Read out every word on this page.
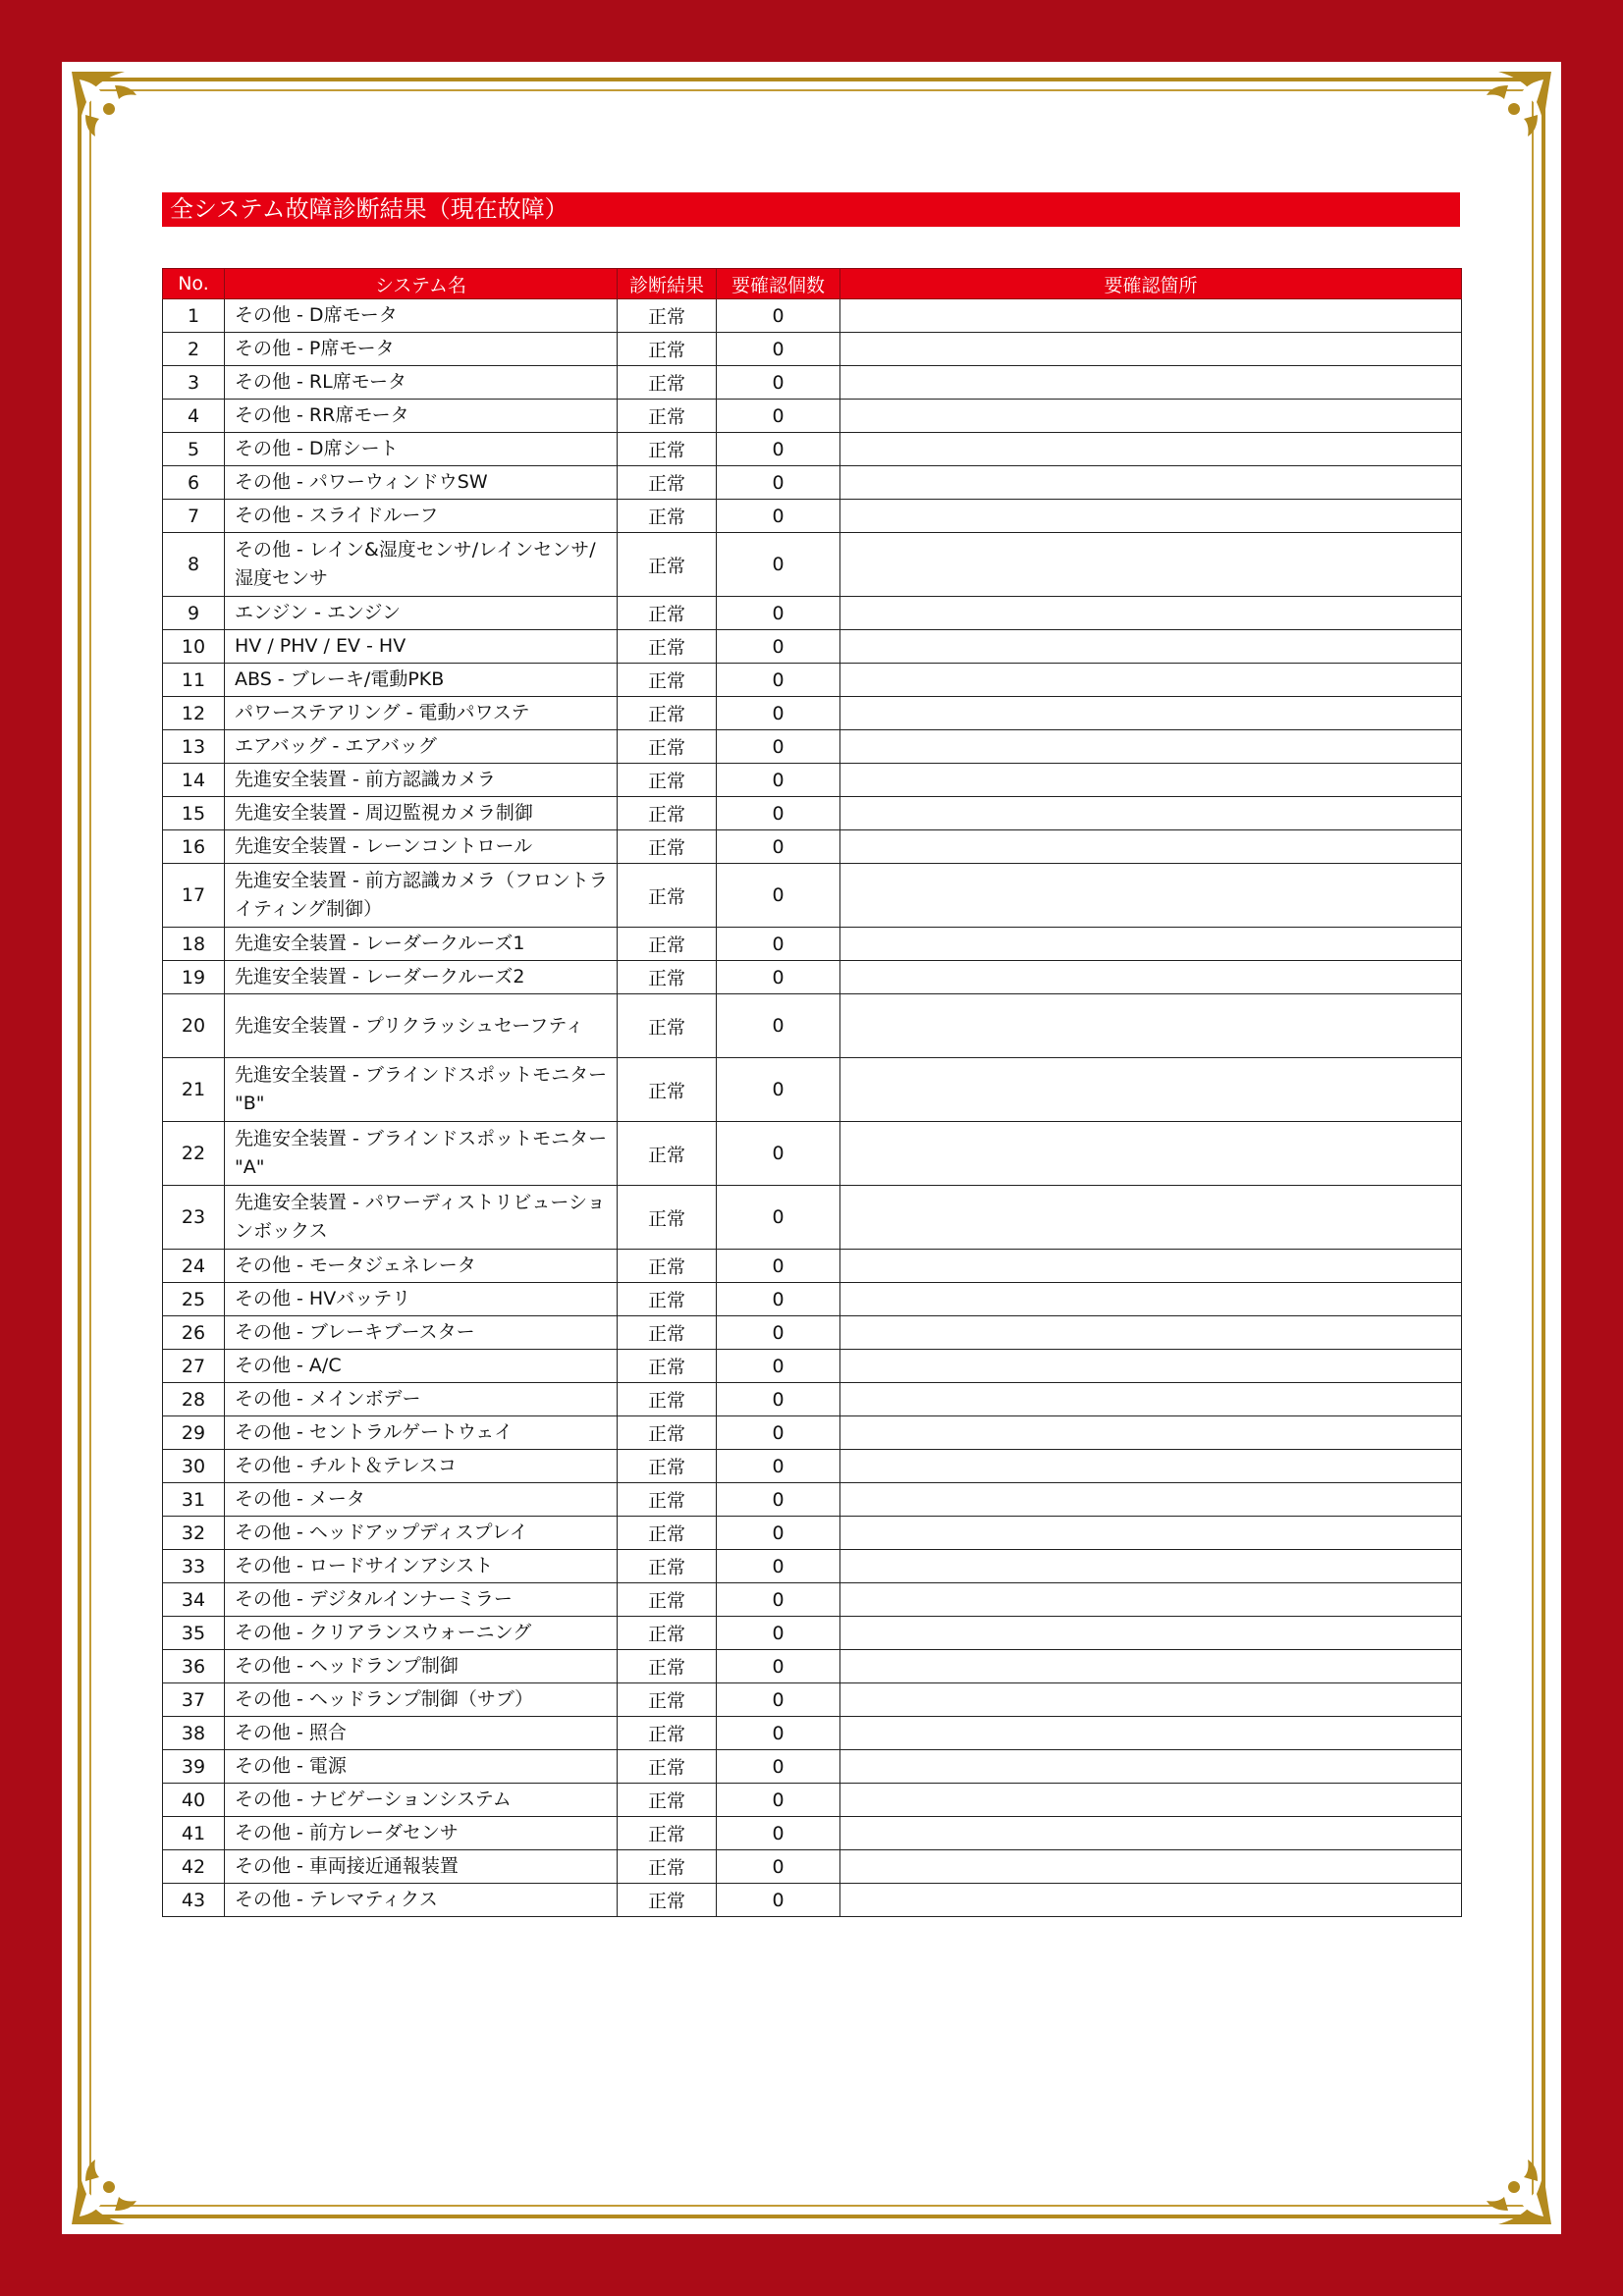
全システム故障診断結果（現在故障）
No.	システム名	診断結果	要確認個数	要確認箇所
1	その他 - D席モータ	正常	0	
2	その他 - P席モータ	正常	0	
3	その他 - RL席モータ	正常	0	
4	その他 - RR席モータ	正常	0	
5	その他 - D席シート	正常	0	
6	その他 - パワーウィンドウSW	正常	0	
7	その他 - スライドルーフ	正常	0	
8	その他 - レイン&湿度センサ/レインセンサ/湿度センサ	正常	0	
9	エンジン - エンジン	正常	0	
10	HV / PHV / EV - HV	正常	0	
11	ABS - ブレーキ/電動PKB	正常	0	
12	パワーステアリング - 電動パワステ	正常	0	
13	エアバッグ - エアバッグ	正常	0	
14	先進安全装置 - 前方認識カメラ	正常	0	
15	先進安全装置 - 周辺監視カメラ制御	正常	0	
16	先進安全装置 - レーンコントロール	正常	0	
17	先進安全装置 - 前方認識カメラ（フロントライティング制御）	正常	0	
18	先進安全装置 - レーダークルーズ1	正常	0	
19	先進安全装置 - レーダークルーズ2	正常	0	
20	先進安全装置 - プリクラッシュセーフティ	正常	0	
21	先進安全装置 - ブラインドスポットモニター "B"	正常	0	
22	先進安全装置 - ブラインドスポットモニター "A"	正常	0	
23	先進安全装置 - パワーディストリビューションボックス	正常	0	
24	その他 - モータジェネレータ	正常	0	
25	その他 - HVバッテリ	正常	0	
26	その他 - ブレーキブースター	正常	0	
27	その他 - A/C	正常	0	
28	その他 - メインボデー	正常	0	
29	その他 - セントラルゲートウェイ	正常	0	
30	その他 - チルト＆テレスコ	正常	0	
31	その他 - メータ	正常	0	
32	その他 - ヘッドアップディスプレイ	正常	0	
33	その他 - ロードサインアシスト	正常	0	
34	その他 - デジタルインナーミラー	正常	0	
35	その他 - クリアランスウォーニング	正常	0	
36	その他 - ヘッドランプ制御	正常	0	
37	その他 - ヘッドランプ制御（サブ）	正常	0	
38	その他 - 照合	正常	0	
39	その他 - 電源	正常	0	
40	その他 - ナビゲーションシステム	正常	0	
41	その他 - 前方レーダセンサ	正常	0	
42	その他 - 車両接近通報装置	正常	0	
43	その他 - テレマティクス	正常	0	
